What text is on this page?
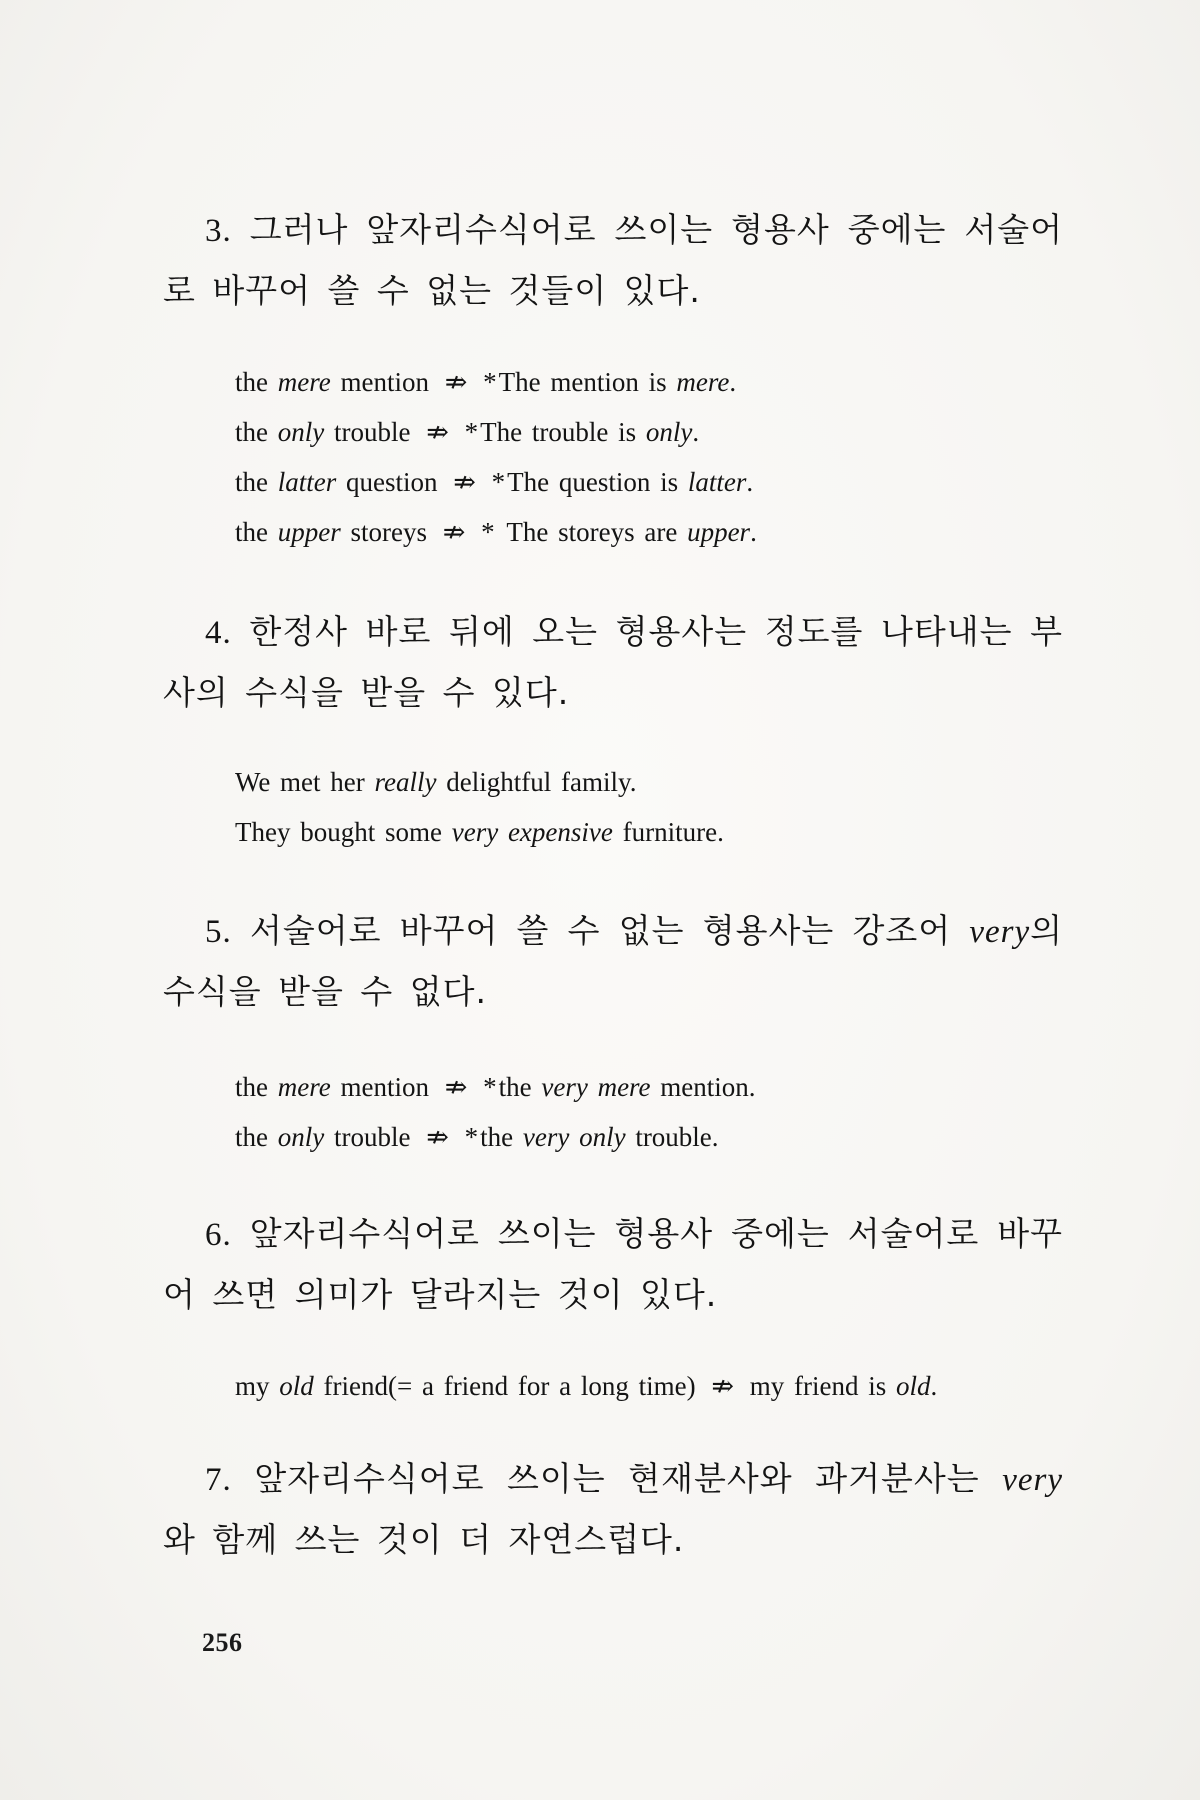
3. 그러나 앞자리수식어로 쓰이는 형용사 중에는 서술어로 바꾸어 쓸 수 없는 것들이 있다.

the mere mention ⇏ *The mention is mere.
the only trouble ⇏ *The trouble is only.
the latter question ⇏ *The question is latter.
the upper storeys ⇏ * The storeys are upper.

4. 한정사 바로 뒤에 오는 형용사는 정도를 나타내는 부사의 수식을 받을 수 있다.

We met her really delightful family.
They bought some very expensive furniture.

5. 서술어로 바꾸어 쓸 수 없는 형용사는 강조어 very의 수식을 받을 수 없다.

the mere mention ⇏ *the very mere mention.
the only trouble ⇏ *the very only trouble.

6. 앞자리수식어로 쓰이는 형용사 중에는 서술어로 바꾸어 쓰면 의미가 달라지는 것이 있다.

my old friend(= a friend for a long time) ⇏ my friend is old.

7. 앞자리수식어로 쓰이는 현재분사와 과거분사는 very와 함께 쓰는 것이 더 자연스럽다.

256
